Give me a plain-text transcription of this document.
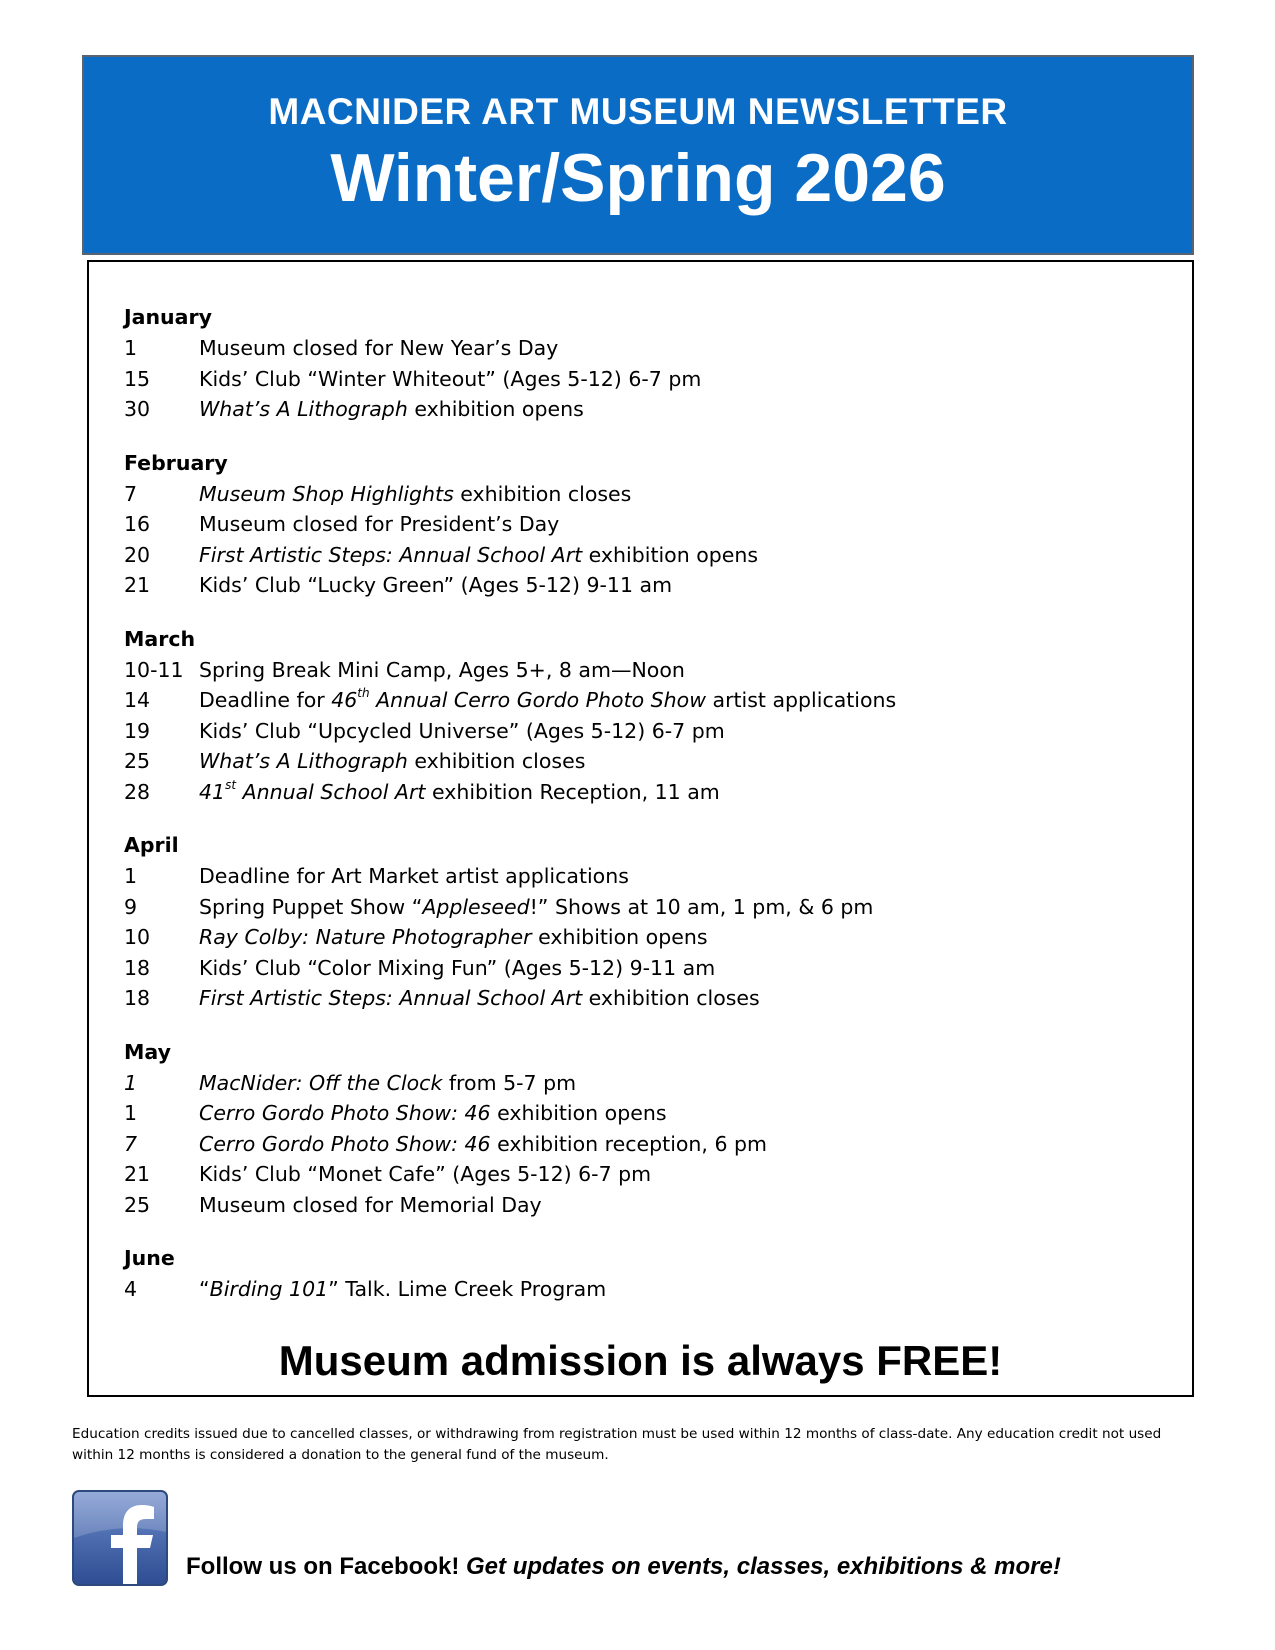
MACNIDER ART MUSEUM NEWSLETTER
Winter/Spring 2026
January
1	Museum closed for New Year’s Day
15	Kids’ Club “Winter Whiteout” (Ages 5-12) 6-7 pm
30	What’s A Lithograph exhibition opens
February
7	Museum Shop Highlights exhibition closes
16	Museum closed for President’s Day
20	First Artistic Steps: Annual School Art exhibition opens
21	Kids’ Club “Lucky Green” (Ages 5-12) 9-11 am
March
10-11 Spring Break Mini Camp, Ages 5+, 8 am—Noon
14	Deadline for 46th Annual Cerro Gordo Photo Show artist applications
19	Kids’ Club “Upcycled Universe” (Ages 5-12) 6-7 pm
25	What’s A Lithograph exhibition closes
28	41st Annual School Art exhibition Reception, 11 am
April
1	Deadline for Art Market artist applications
9	Spring Puppet Show “Appleseed!” Shows at 10 am, 1 pm, & 6 pm
10	Ray Colby: Nature Photographer exhibition opens
18	Kids’ Club “Color Mixing Fun” (Ages 5-12) 9-11 am
18	First Artistic Steps: Annual School Art exhibition closes
May
1	MacNider: Off the Clock from 5-7 pm
1	Cerro Gordo Photo Show: 46 exhibition opens
7	Cerro Gordo Photo Show: 46 exhibition reception, 6 pm
21	Kids’ Club “Monet Cafe” (Ages 5-12) 6-7 pm
25	Museum closed for Memorial Day
June
4	“Birding 101” Talk. Lime Creek Program
Museum admission is always FREE!
Education credits issued due to cancelled classes, or withdrawing from registration must be used within 12 months of class-date. Any education credit not used within 12 months is considered a donation to the general fund of the museum.
Follow us on Facebook! Get updates on events, classes, exhibitions & more!
